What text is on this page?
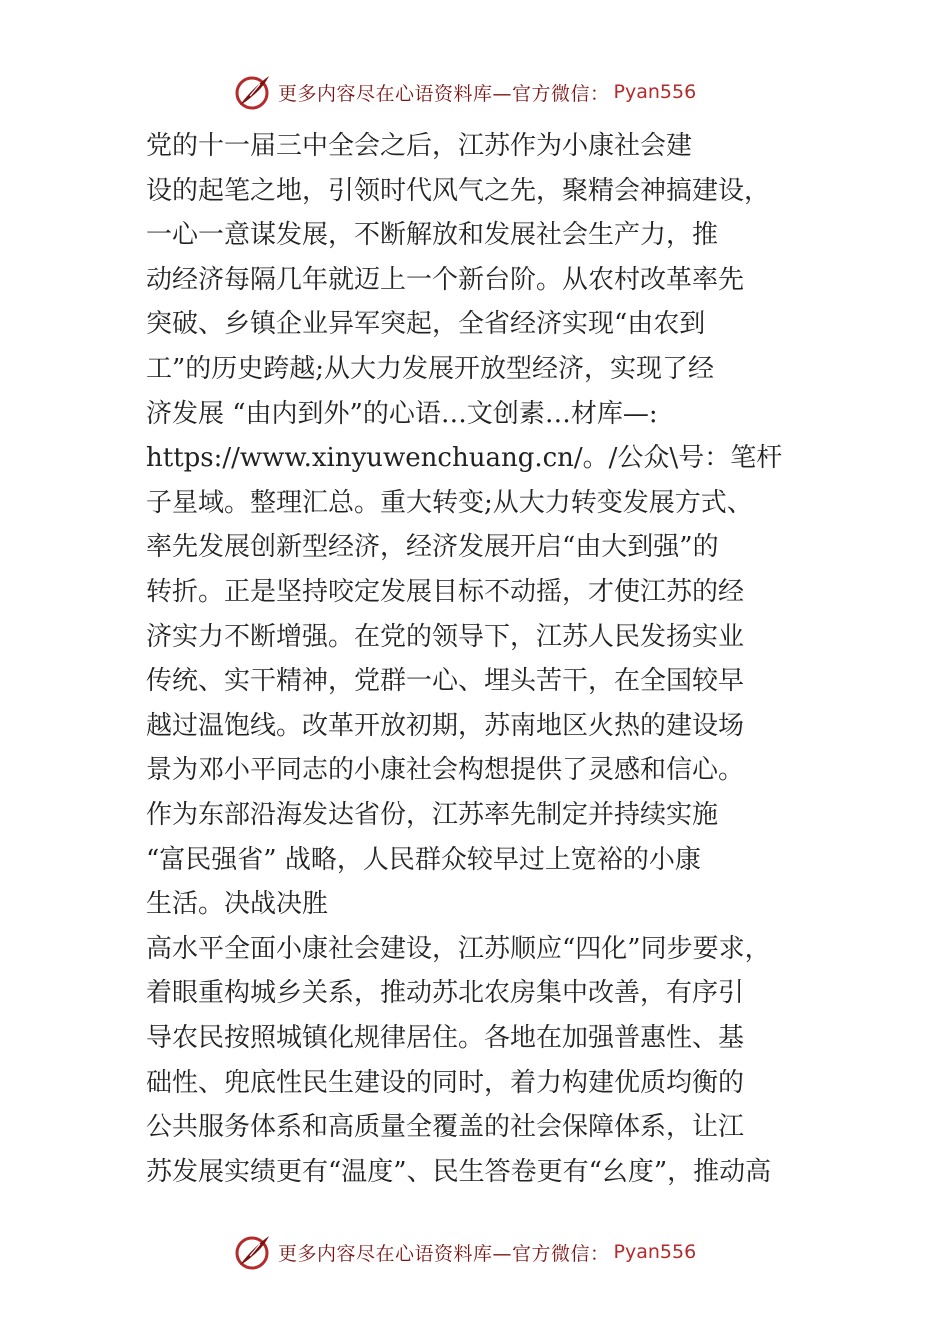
更多内容尽在心语资料库—官方微信： Pyan556
党的十一届三中全会之后，江苏作为小康社会建
设的起笔之地，引领时代风气之先，聚精会神搞建设，
一心一意谋发展，不断解放和发展社会生产力，推
动经济每隔几年就迈上一个新台阶。从农村改革率先
突破、乡镇企业异军突起，全省经济实现“由农到
工”的历史跨越;从大力发展开放型经济，实现了经
济发展 “由内到外”的心语…文创素…材库—:
https://www.xinyuwenchuang.cn/。/公众\号：笔杆
子星域。整理汇总。重大转变;从大力转变发展方式、
率先发展创新型经济，经济发展开启“由大到强”的
转折。正是坚持咬定发展目标不动摇，才使江苏的经
济实力不断增强。在党的领导下，江苏人民发扬实业
传统、实干精神，党群一心、埋头苦干，在全国较早
越过温饱线。改革开放初期，苏南地区火热的建设场
景为邓小平同志的小康社会构想提供了灵感和信心。
作为东部沿海发达省份，江苏率先制定并持续实施
“富民强省” 战略，人民群众较早过上宽裕的小康
生活。决战决胜
高水平全面小康社会建设，江苏顺应“四化”同步要求，
着眼重构城乡关系，推动苏北农房集中改善，有序引
导农民按照城镇化规律居住。各地在加强普惠性、基
础性、兜底性民生建设的同时，着力构建优质均衡的
公共服务体系和高质量全覆盖的社会保障体系，让江
苏发展实绩更有“温度”、民生答卷更有“幺度”，推动高
更多内容尽在心语资料库—官方微信： Pyan556
